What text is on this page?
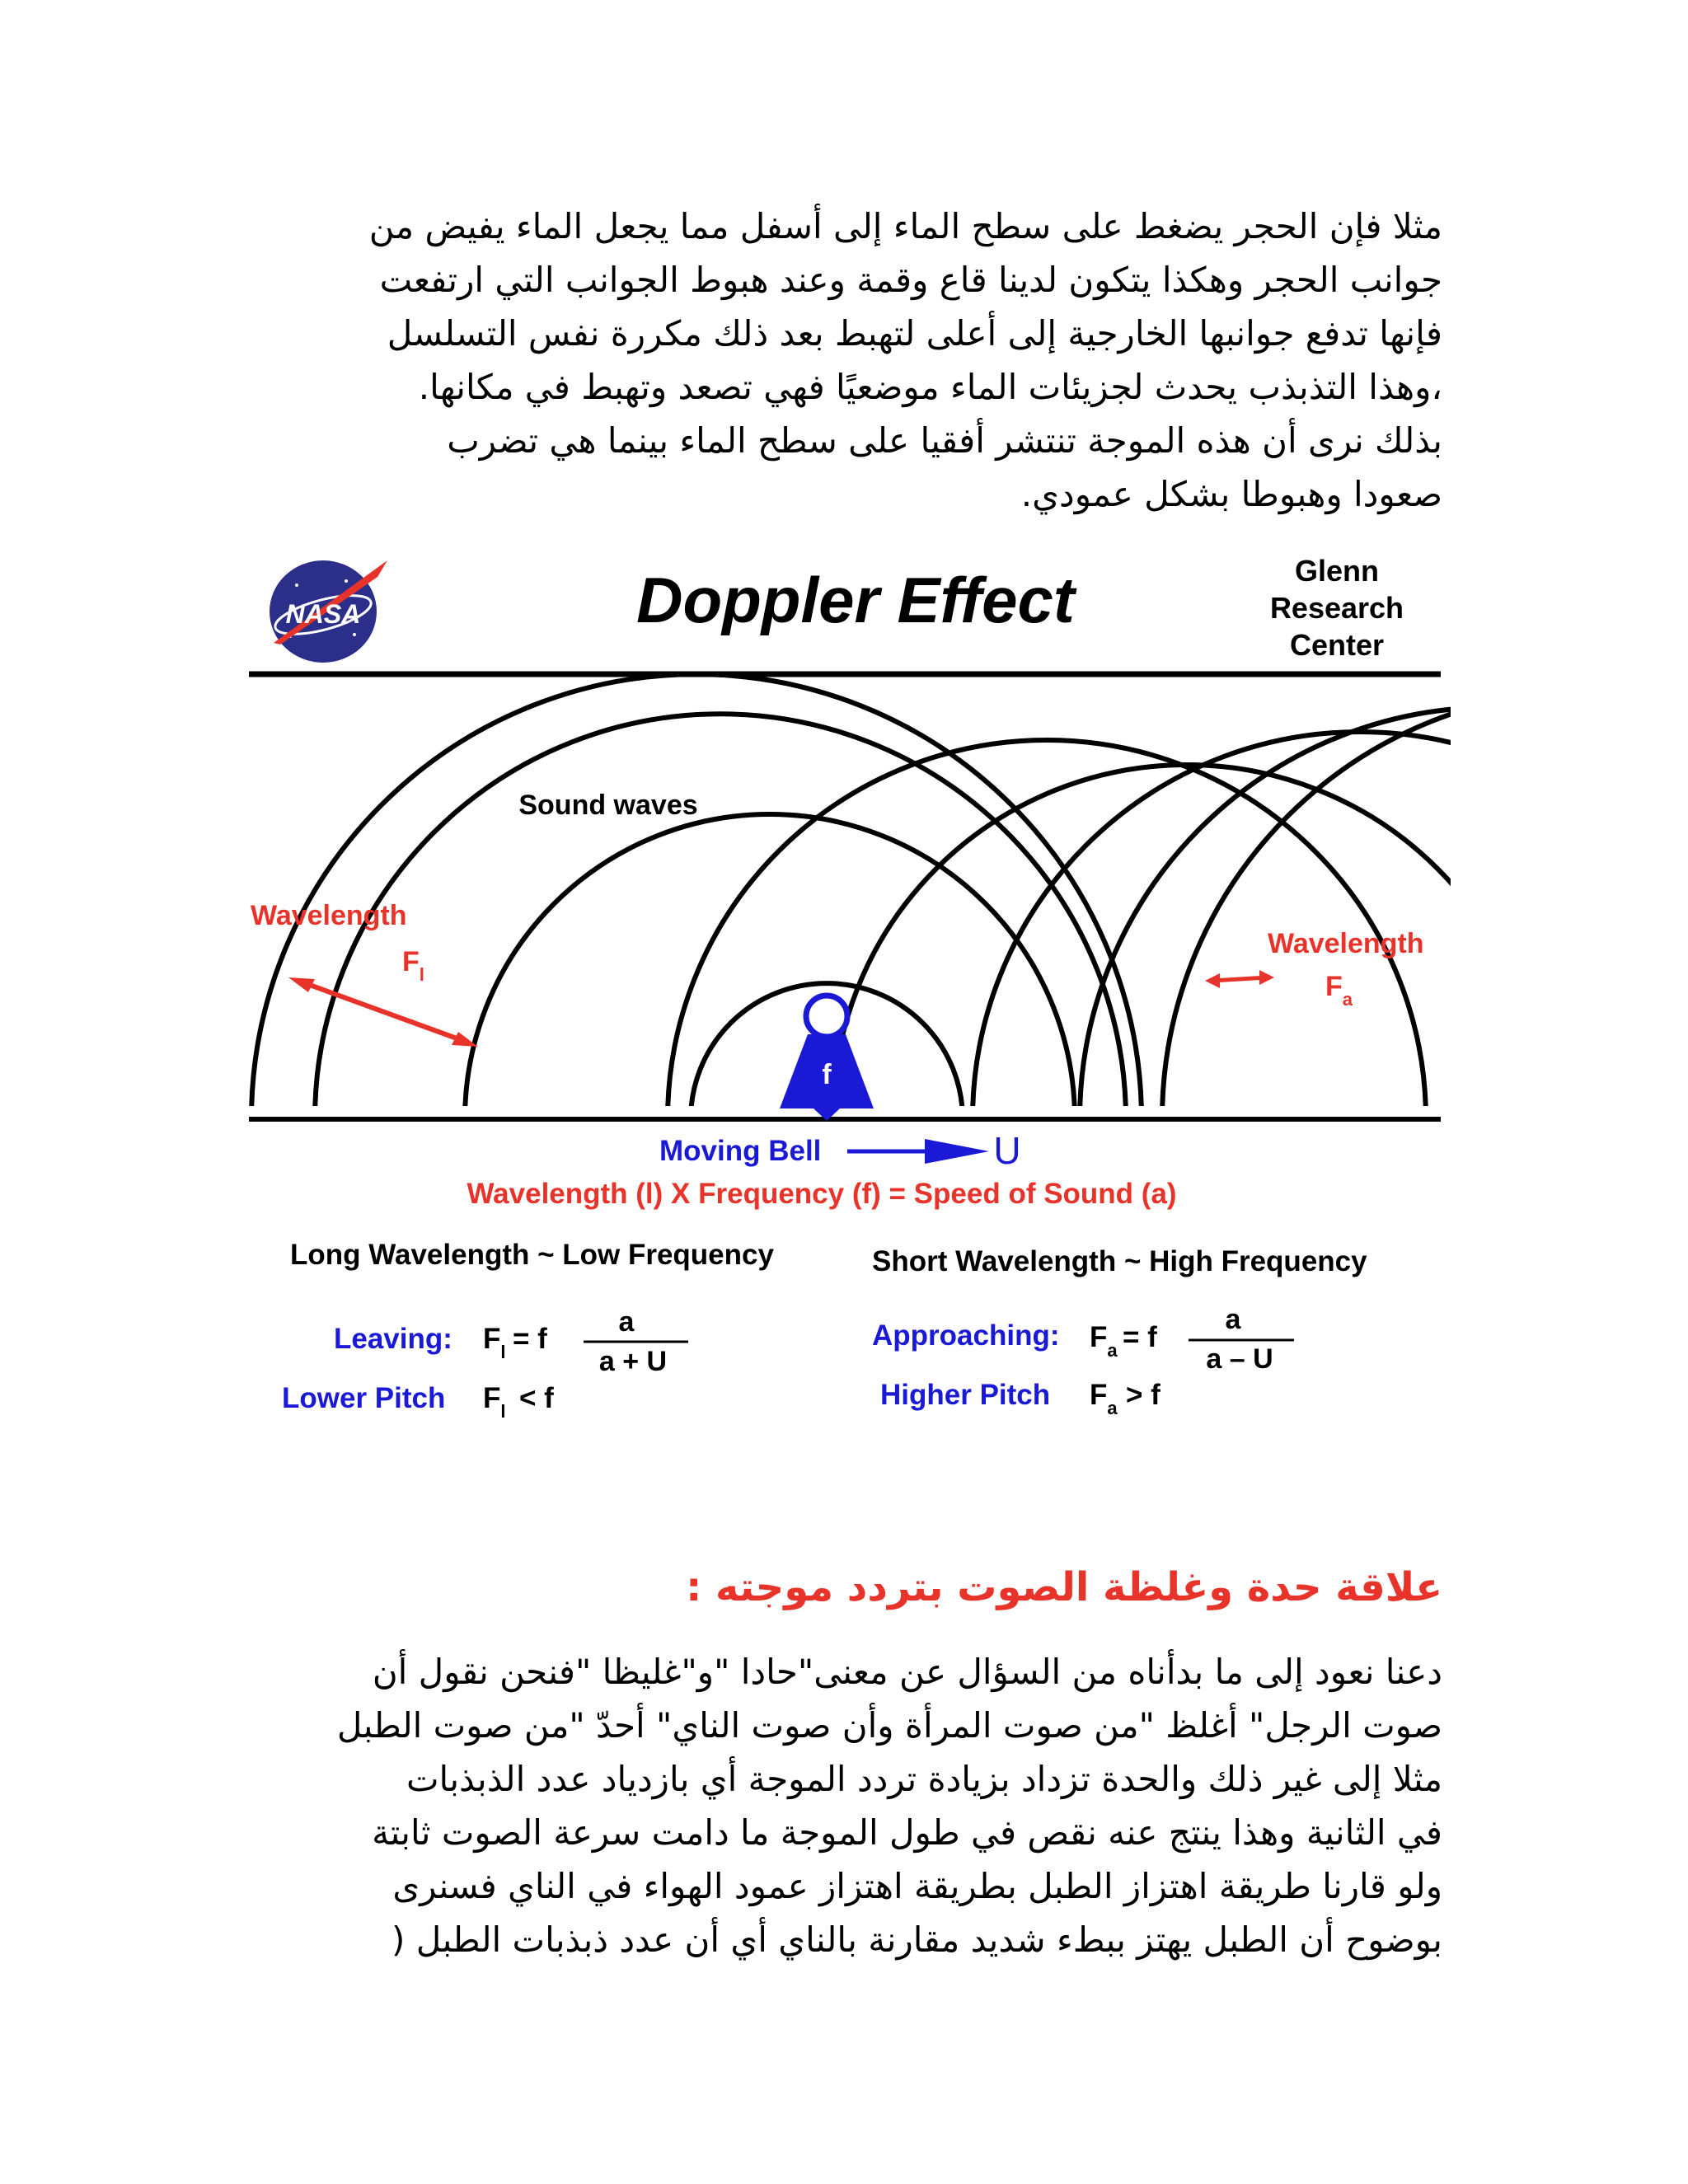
مثلا فإن الحجر يضغط على سطح الماء إلى أسفل مما يجعل الماء يفيض من
جوانب الحجر وهكذا يتكون لدينا قاع وقمة وعند هبوط الجوانب التي ارتفعت
فإنها تدفع جوانبها الخارجية إلى أعلى لتهبط بعد ذلك مكررة نفس التسلسل
،وهذا التذبذب يحدث لجزيئات الماء موضعيًا فهي تصعد وتهبط في مكانها.
بذلك نرى أن هذه الموجة تنتشر أفقيا على سطح الماء بينما هي تضرب
صعودا وهبوطا بشكل عمودي.
NASA	Doppler Effect	Glenn
Research
Center
Sound waves
Wavelength
$F_l$
Wavelength
$F_a$
f
Moving Bell	U
Wavelength (l) X Frequency (f) = Speed of Sound (a)
Long Wavelength ~ Low Frequency	Short Wavelength ~ High Frequency
Leaving: $F_l = f$
a
a + U
Lower Pitch $F_l < f$
Approaching: $F_a = f$
a
a – U
Higher Pitch $F_a > f$
علاقة حدة وغلظة الصوت بتردد موجته :
دعنا نعود إلى ما بدأناه من السؤال عن معنى"حادا "و"غليظا "فنحن نقول أن
صوت الرجل" أغلظ "من صوت المرأة وأن صوت الناي" أحدّ "من صوت الطبل
مثلا إلى غير ذلك والحدة تزداد بزيادة تردد الموجة أي بازدياد عدد الذبذبات
في الثانية وهذا ينتج عنه نقص في طول الموجة ما دامت سرعة الصوت ثابتة
ولو قارنا طريقة اهتزاز الطبل بطريقة اهتزاز عمود الهواء في الناي فسنرى
بوضوح أن الطبل يهتز ببطء شديد مقارنة بالناي أي أن عدد ذبذبات الطبل (
